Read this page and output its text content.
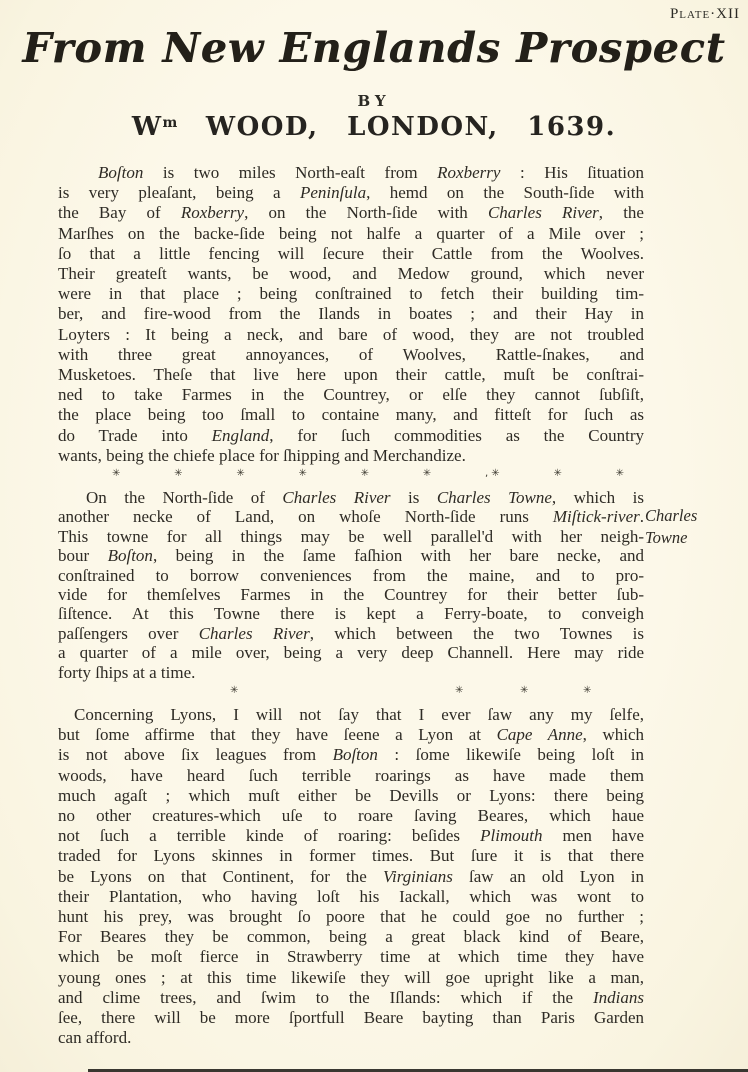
Plate·XII
From New Englands Prospect
BY
$W^m$ WOOD, LONDON, 1639.
Boſton is two miles North-eaſt from Roxberry : His ſituation
is very pleaſant, being a Peninſula, hemd on the South-ſide with
the Bay of Roxberry, on the North-ſide with Charles River, the
Marſhes on the backe-ſide being not halfe a quarter of a Mile over ;
ſo that a little fencing will ſecure their Cattle from the Woolves.
Their greateſt wants, be wood, and Medow ground, which never
were in that place ; being conſtrained to fetch their building tim-
ber, and fire-wood from the Ilands in boates ; and their Hay in
Loyters : It being a neck, and bare of wood, they are not troubled
with three great annoyances, of Woolves, Rattle-ſnakes, and
Musketoes. Theſe that live here upon their cattle, muſt be conſtrai-
ned to take Farmes in the Countrey, or elſe they cannot ſubſiſt,
the place being too ſmall to containe many, and fitteſt for ſuch as
do Trade into England, for ſuch commodities as the Country
wants, being the chiefe place for ſhipping and Merchandize.
✳	✳	✳	✳	✳	✳	, ✳	✳	✳
On the North-ſide of Charles River is Charles Towne, which is
another necke of Land, on whoſe North-ſide runs Miſtick-river.
This towne for all things may be well parallel'd with her neigh-
bour Boſton, being in the ſame faſhion with her bare necke, and
conſtrained to borrow conveniences from the maine, and to pro-
vide for themſelves Farmes in the Countrey for their better ſub-
ſiſtence. At this Towne there is kept a Ferry-boate, to conveigh
paſſengers over Charles River, which between the two Townes is
a quarter of a mile over, being a very deep Channell. Here may ride
forty ſhips at a time.
✳	✳	✳	✳
Concerning Lyons, I will not ſay that I ever ſaw any my ſelfe,
but ſome affirme that they have ſeene a Lyon at Cape Anne, which
is not above ſix leagues from Boſton : ſome likewiſe being loſt in
woods, have heard ſuch terrible roarings as have made them
much agaſt ; which muſt either be Devills or Lyons: there being
no other creatures-which uſe to roare ſaving Beares, which haue
not ſuch a terrible kinde of roaring: beſides Plimouth men have
traded for Lyons skinnes in former times. But ſure it is that there
be Lyons on that Continent, for the Virginians ſaw an old Lyon in
their Plantation, who having loſt his Iackall, which was wont to
hunt his prey, was brought ſo poore that he could goe no further ;
For Beares they be common, being a great black kind of Beare,
which be moſt fierce in Strawberry time at which time they have
young ones ; at this time likewiſe they will goe upright like a man,
and clime trees, and ſwim to the Iſlands: which if the Indians
ſee, there will be more ſportfull Beare bayting than Paris Garden
can afford.
Charles
Towne
